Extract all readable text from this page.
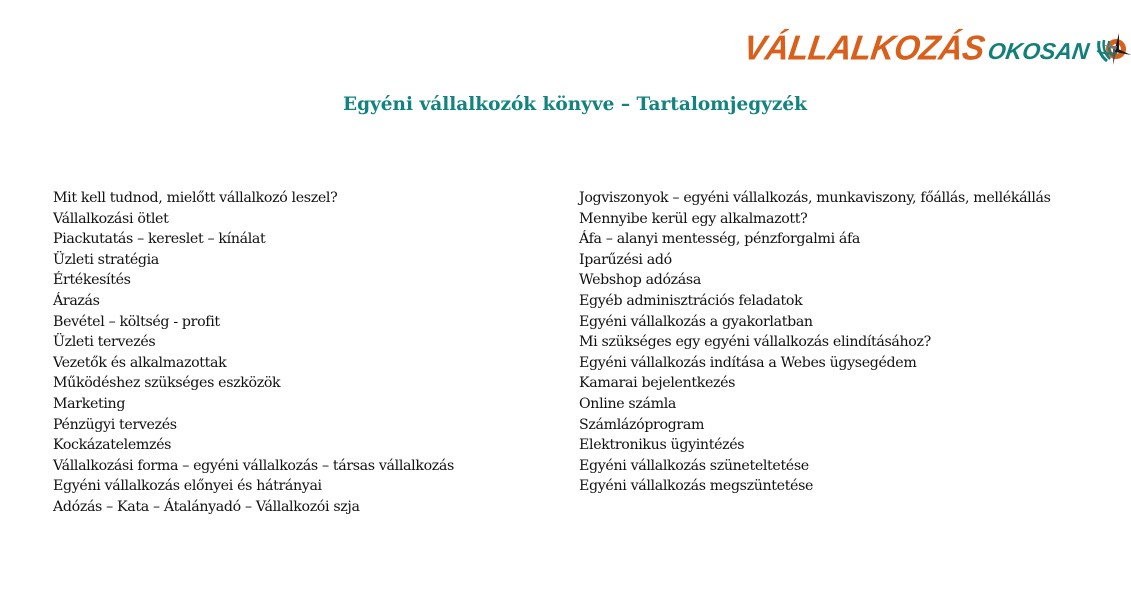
VÁLLALKOZÁS OKOSAN
Egyéni vállalkozók könyve – Tartalomjegyzék
Mit kell tudnod, mielőtt vállalkozó leszel?
Vállalkozási ötlet
Piackutatás – kereslet – kínálat
Üzleti stratégia
Értékesítés
Árazás
Bevétel – költség - profit
Üzleti tervezés
Vezetők és alkalmazottak
Működéshez szükséges eszközök
Marketing
Pénzügyi tervezés
Kockázatelemzés
Vállalkozási forma – egyéni vállalkozás – társas vállalkozás
Egyéni vállalkozás előnyei és hátrányai
Adózás – Kata – Átalányadó – Vállalkozói szja
Jogviszonyok – egyéni vállalkozás, munkaviszony, főállás, mellékállás
Mennyibe kerül egy alkalmazott?
Áfa – alanyi mentesség, pénzforgalmi áfa
Iparűzési adó
Webshop adózása
Egyéb adminisztrációs feladatok
Egyéni vállalkozás a gyakorlatban
Mi szükséges egy egyéni vállalkozás elindításához?
Egyéni vállalkozás indítása a Webes ügysegédem
Kamarai bejelentkezés
Online számla
Számlázóprogram
Elektronikus ügyintézés
Egyéni vállalkozás szüneteltetése
Egyéni vállalkozás megszüntetése
